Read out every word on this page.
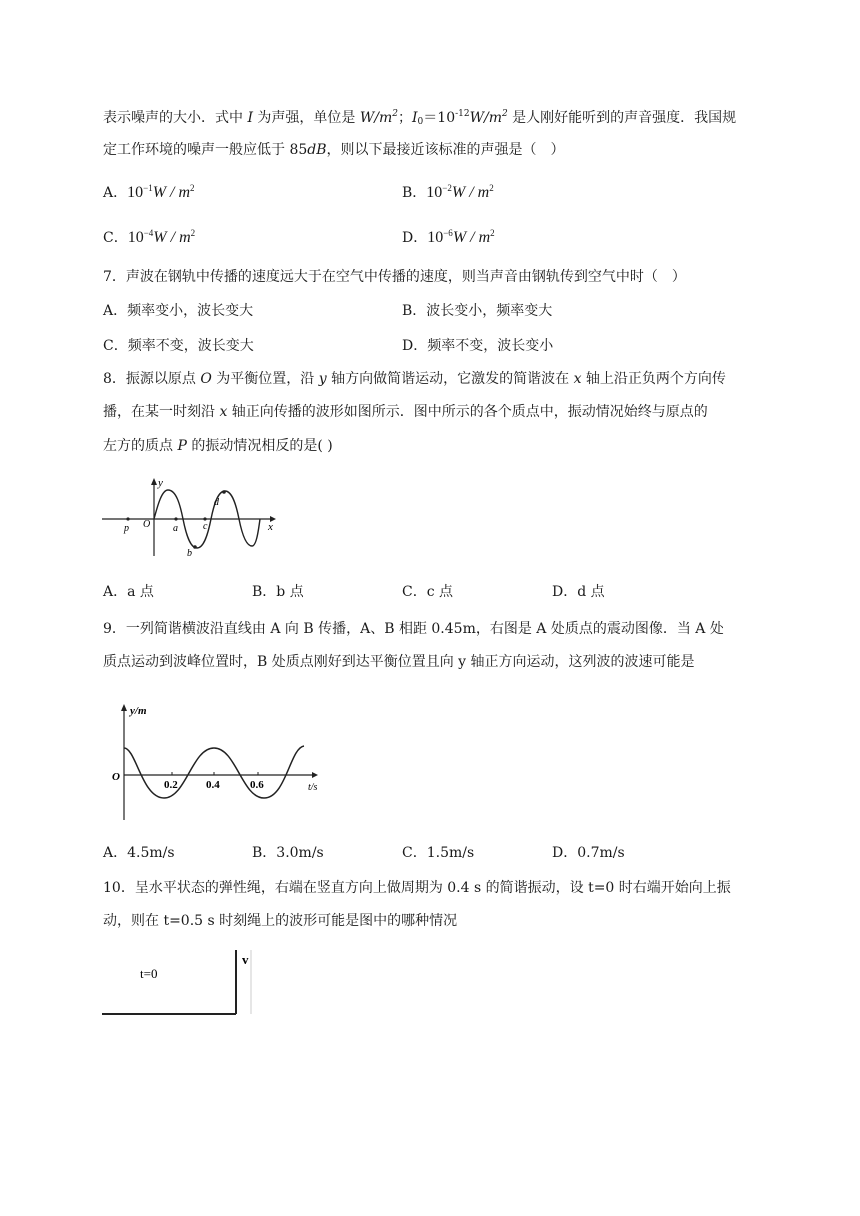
表示噪声的大小．式中 I 为声强，单位是 $W/m^2$；$I_0=10^{-12}W/m^2$ 是人刚好能听到的声音强度．我国规
定工作环境的噪声一般应低于 85dB，则以下最接近该标准的声强是（　）
A．$10^{-1}W / m^2$	B．$10^{-2}W / m^2$
C．$10^{-4}W / m^2$	D．$10^{-6}W / m^2$
7．声波在钢轨中传播的速度远大于在空气中传播的速度，则当声音由钢轨传到空气中时（　）
A．频率变小，波长变大	B．波长变小，频率变大
C．频率不变，波长变大	D．频率不变，波长变小
8．振源以原点 O 为平衡位置，沿 y 轴方向做简谐运动，它激发的简谐波在 x 轴上沿正负两个方向传
播，在某一时刻沿 x 轴正向传播的波形如图所示．图中所示的各个质点中，振动情况始终与原点的
左方的质点 P 的振动情况相反的是( )
y
x
O
p	a
b
c
d
A．a 点	B．b 点	C．c 点	D．d 点
9．一列简谐横波沿直线由 A 向 B 传播，A、B 相距 0.45m，右图是 A 处质点的震动图像．当 A 处
质点运动到波峰位置时，B 处质点刚好到达平衡位置且向 y 轴正方向运动，这列波的波速可能是
y/m
t/s
O
0.2	0.4	0.6
A．4.5m/s	B．3.0m/s	C．1.5m/s	D．0.7m/s
10．呈水平状态的弹性绳，右端在竖直方向上做周期为 0.4 s 的简谐振动，设 t=0 时右端开始向上振
动，则在 t=0.5 s 时刻绳上的波形可能是图中的哪种情况
t=0
v
